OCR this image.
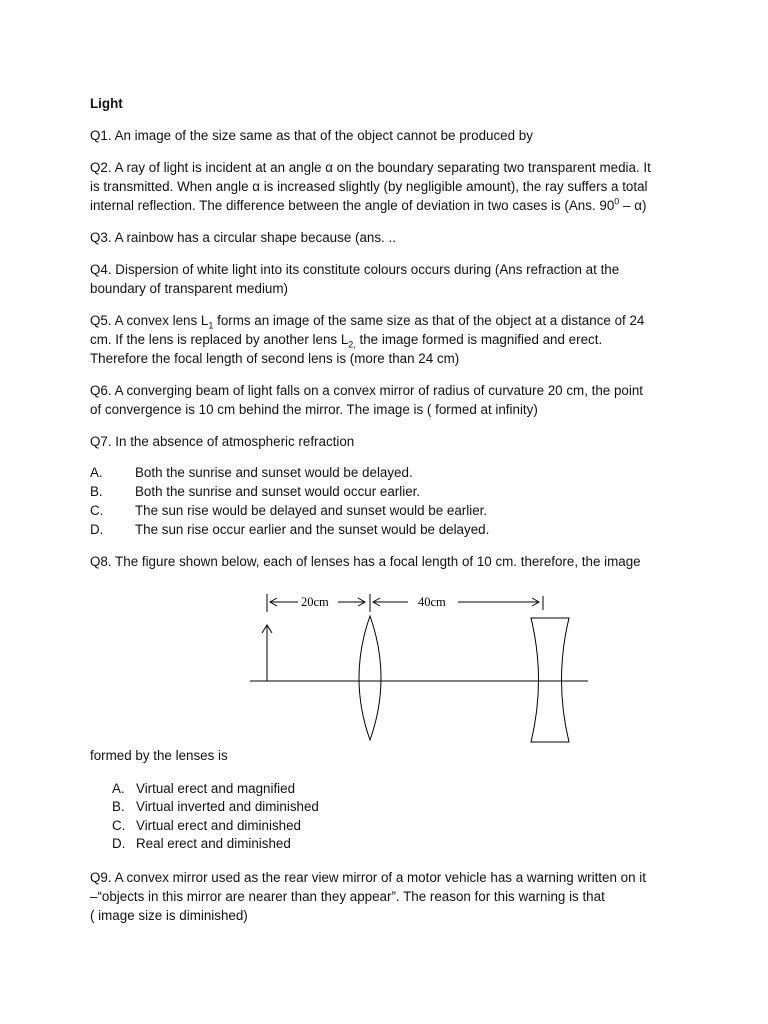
Light
Q1. An image of the size same as that of the object cannot be produced by
Q2. A ray of light is incident at an angle α on the boundary separating two transparent media. It
is transmitted. When angle α is increased slightly (by negligible amount), the ray suffers a total
internal reflection. The difference between the angle of deviation in two cases is (Ans. $90^0 - \alpha$)
Q3. A rainbow has a circular shape because (ans. ..
Q4. Dispersion of white light into its constitute colours occurs during (Ans refraction at the
boundary of transparent medium)
Q5. A convex lens $L_1$ forms an image of the same size as that of the object at a distance of 24
cm. If the lens is replaced by another lens $L_{2,}$ the image formed is magnified and erect.
Therefore the focal length of second lens is (more than 24 cm)
Q6. A converging beam of light falls on a convex mirror of radius of curvature 20 cm, the point
of convergence is 10 cm behind the mirror. The image is ( formed at infinity)
Q7. In the absence of atmospheric refraction
A. Both the sunrise and sunset would be delayed.
B. Both the sunrise and sunset would occur earlier.
C. The sun rise would be delayed and sunset would be earlier.
D. The sun rise occur earlier and the sunset would be delayed.
Q8. The figure shown below, each of lenses has a focal length of 10 cm. therefore, the image
20cm	40cm
formed by the lenses is
A. Virtual erect and magnified
B. Virtual inverted and diminished
C. Virtual erect and diminished
D. Real erect and diminished
Q9. A convex mirror used as the rear view mirror of a motor vehicle has a warning written on it
–“objects in this mirror are nearer than they appear”. The reason for this warning is that
( image size is diminished)
